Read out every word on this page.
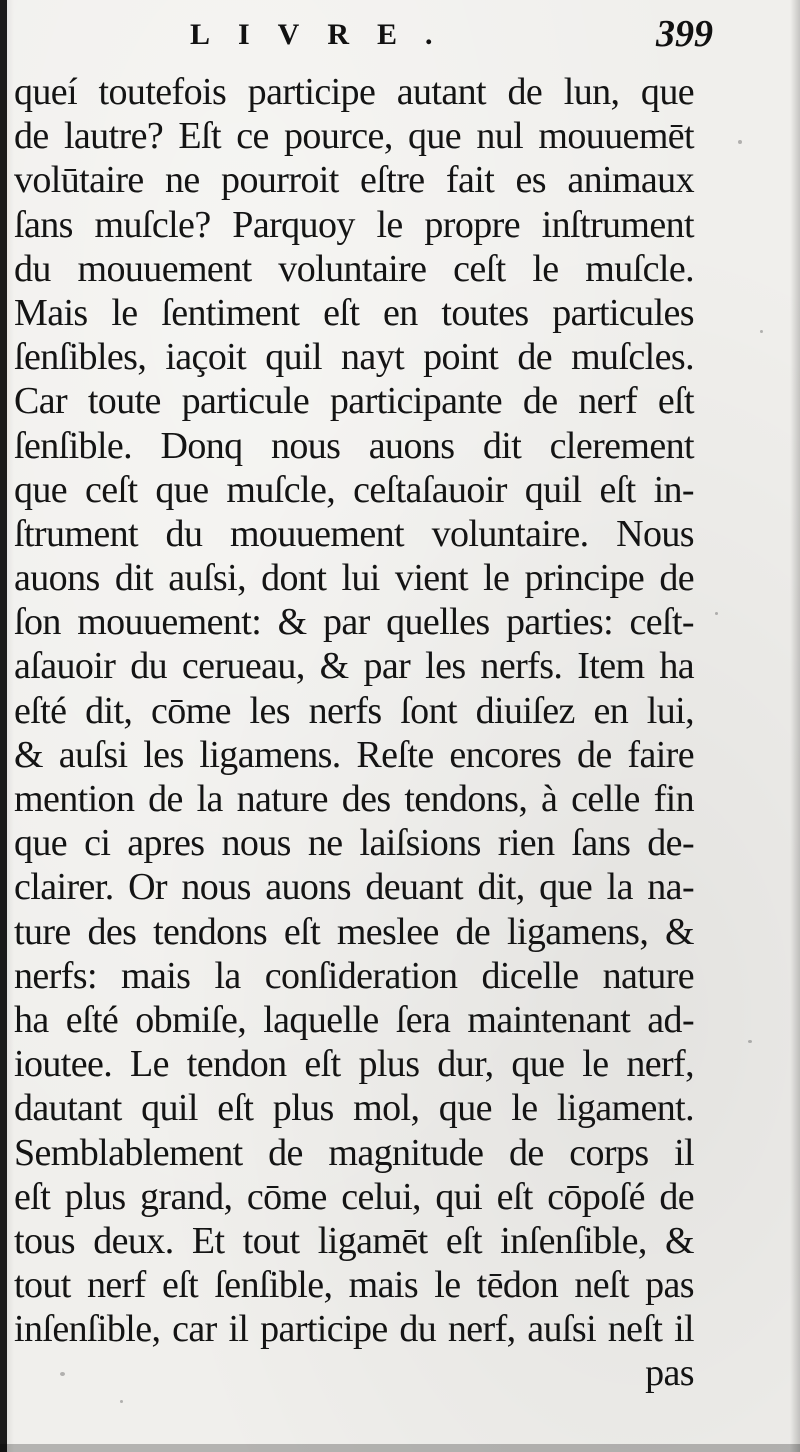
LIVRE.	399
queí toutefois participe autant de lun, que
de lautre? Eſt ce pource, que nul mouuemēt
volūtaire ne pourroit eſtre fait es animaux
ſans muſcle? Parquoy le propre inſtrument
du mouuement voluntaire ceſt le muſcle.
Mais le ſentiment eſt en toutes particules
ſenſibles, iaçoit quil nayt point de muſcles.
Car toute particule participante de nerf eſt
ſenſible. Donq nous auons dit clerement
que ceſt que muſcle, ceſtaſauoir quil eſt in-
ſtrument du mouuement voluntaire. Nous
auons dit auſsi, dont lui vient le principe de
ſon mouuement: & par quelles parties: ceſt-
aſauoir du cerueau, & par les nerfs. Item ha
eſté dit, cōme les nerfs ſont diuiſez en lui,
& auſsi les ligamens. Reſte encores de faire
mention de la nature des tendons, à celle fin
que ci apres nous ne laiſsions rien ſans de-
clairer. Or nous auons deuant dit, que la na-
ture des tendons eſt meslee de ligamens, &
nerfs: mais la conſideration dicelle nature
ha eſté obmiſe, laquelle ſera maintenant ad-
ioutee. Le tendon eſt plus dur, que le nerf,
dautant quil eſt plus mol, que le ligament.
Semblablement de magnitude de corps il
eſt plus grand, cōme celui, qui eſt cōpoſé de
tous deux. Et tout ligamēt eſt inſenſible, &
tout nerf eſt ſenſible, mais le tēdon neſt pas
inſenſible, car il participe du nerf, auſsi neſt il
pas
